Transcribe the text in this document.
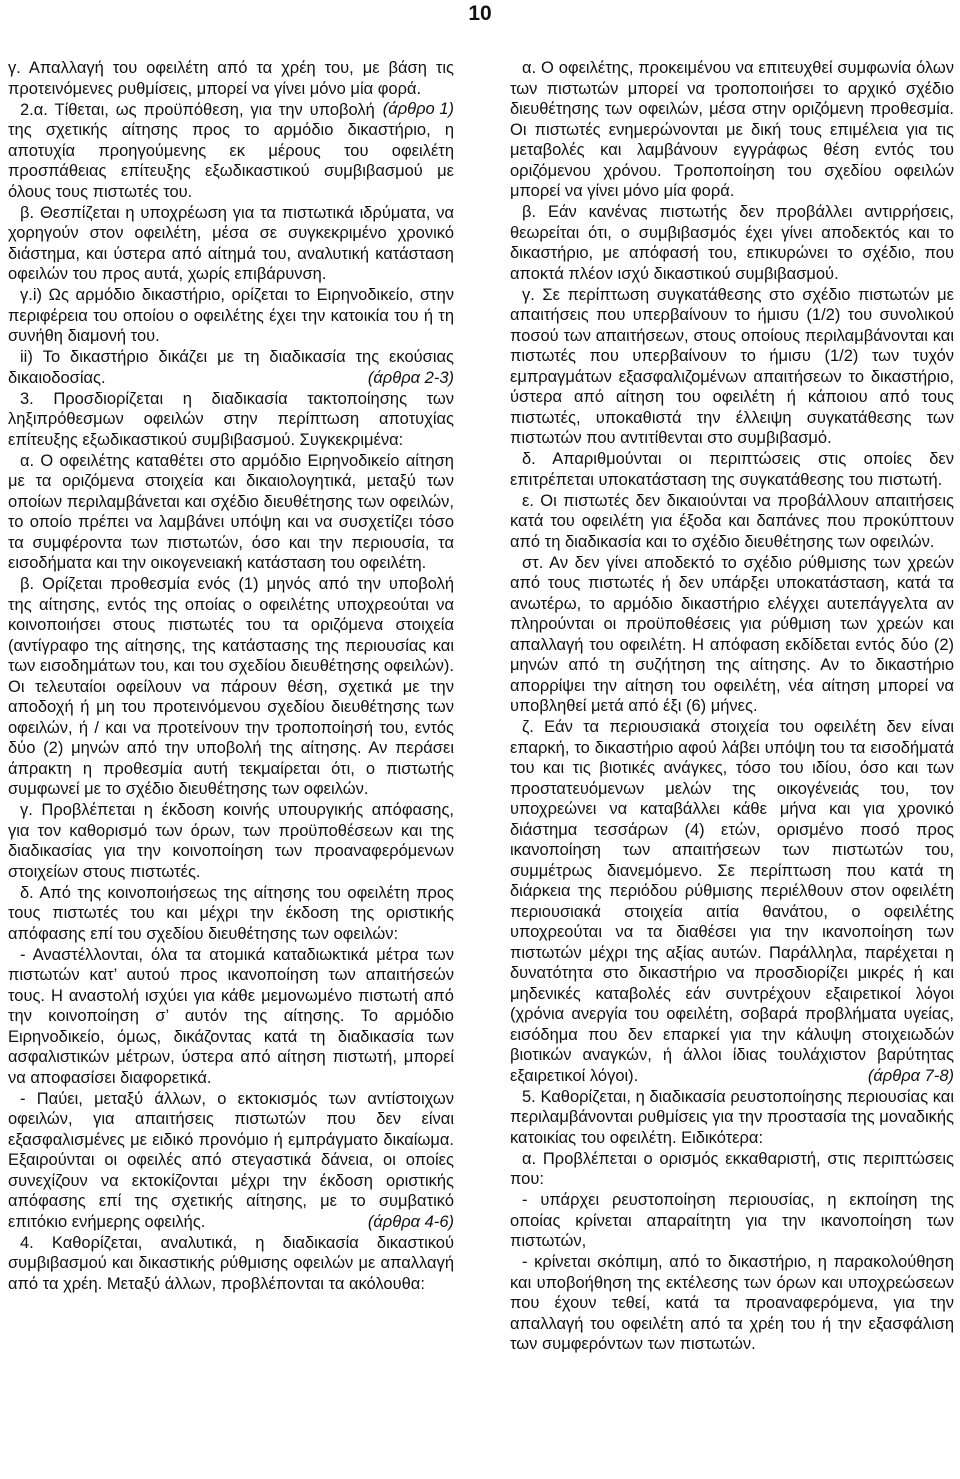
10

γ. Απαλλαγή του οφειλέτη από τα χρέη του, με βάση τις προτεινόμενες ρυθμίσεις, μπορεί να γίνει μόνο μία φορά.
(άρθρο 1)

2.α. Τίθεται, ως προϋπόθεση, για την υποβολή της σχετικής αίτησης προς το αρμόδιο δικαστήριο, η αποτυχία προηγούμενης εκ μέρους του οφειλέτη προσπάθειας επίτευξης εξωδικαστικού συμβιβασμού με όλους τους πιστωτές του.

β. Θεσπίζεται η υποχρέωση για τα πιστωτικά ιδρύματα, να χορηγούν στον οφειλέτη, μέσα σε συγκεκριμένο χρονικό διάστημα, και ύστερα από αίτημά του, αναλυτική κατάσταση οφειλών του προς αυτά, χωρίς επιβάρυνση.

γ.i) Ως αρμόδιο δικαστήριο, ορίζεται το Ειρηνοδικείο, στην περιφέρεια του οποίου ο οφειλέτης έχει την κατοικία του ή τη συνήθη διαμονή του.

ii) Το δικαστήριο δικάζει με τη διαδικασία της εκούσιας δικαιοδοσίας.	(άρθρα 2-3)

3. Προσδιορίζεται η διαδικασία τακτοποίησης των ληξιπρόθεσμων οφειλών στην περίπτωση αποτυχίας επίτευξης εξωδικαστικού συμβιβασμού. Συγκεκριμένα:

α. Ο οφειλέτης καταθέτει στο αρμόδιο Ειρηνοδικείο αίτηση με τα οριζόμενα στοιχεία και δικαιολογητικά, μεταξύ των οποίων περιλαμβάνεται και σχέδιο διευθέτησης των οφειλών, το οποίο πρέπει να λαμβάνει υπόψη και να συσχετίζει τόσο τα συμφέροντα των πιστωτών, όσο και την περιουσία, τα εισοδήματα και την οικογενειακή κατάσταση του οφειλέτη.

β. Ορίζεται προθεσμία ενός (1) μηνός από την υποβολή της αίτησης, εντός της οποίας ο οφειλέτης υποχρεούται να κοινοποιήσει στους πιστωτές του τα οριζόμενα στοιχεία (αντίγραφο της αίτησης, της κατάστασης της περιουσίας και των εισοδημάτων του, και του σχεδίου διευθέτησης οφειλών). Οι τελευταίοι οφείλουν να πάρουν θέση, σχετικά με την αποδοχή ή μη του προτεινόμενου σχεδίου διευθέτησης των οφειλών, ή / και να προτείνουν την τροποποίησή του, εντός δύο (2) μηνών από την υποβολή της αίτησης. Αν περάσει άπρακτη η προθεσμία αυτή τεκμαίρεται ότι, ο πιστωτής συμφωνεί με το σχέδιο διευθέτησης των οφειλών.

γ. Προβλέπεται η έκδοση κοινής υπουργικής απόφασης, για τον καθορισμό των όρων, των προϋποθέσεων και της διαδικασίας για την κοινοποίηση των προαναφερόμενων στοιχείων στους πιστωτές.

δ. Από της κοινοποιήσεως της αίτησης του οφειλέτη προς τους πιστωτές του και μέχρι την έκδοση της οριστικής απόφασης επί του σχεδίου διευθέτησης των οφειλών:

- Αναστέλλονται, όλα τα ατομικά καταδιωκτικά μέτρα των πιστωτών κατ’ αυτού προς ικανοποίηση των απαιτήσεών τους. Η αναστολή ισχύει για κάθε μεμονωμένο πιστωτή από την κοινοποίηση σ’ αυτόν της αίτησης. Το αρμόδιο Ειρηνοδικείο, όμως, δικάζοντας κατά τη διαδικασία των ασφαλιστικών μέτρων, ύστερα από αίτηση πιστωτή, μπορεί να αποφασίσει διαφορετικά.

- Παύει, μεταξύ άλλων, ο εκτοκισμός των αντίστοιχων οφειλών, για απαιτήσεις πιστωτών που δεν είναι εξασφαλισμένες με ειδικό προνόμιο ή εμπράγματο δικαίωμα. Εξαιρούνται οι οφειλές από στεγαστικά δάνεια, οι οποίες συνεχίζουν να εκτοκίζονται μέχρι την έκδοση οριστικής απόφασης επί της σχετικής αίτησης, με το συμβατικό επιτόκιο ενήμερης οφειλής.	(άρθρα 4-6)

4. Καθορίζεται, αναλυτικά, η διαδικασία δικαστικού συμβιβασμού και δικαστικής ρύθμισης οφειλών με απαλλαγή από τα χρέη. Μεταξύ άλλων, προβλέπονται τα ακόλουθα:

α. Ο οφειλέτης, προκειμένου να επιτευχθεί συμφωνία όλων των πιστωτών μπορεί να τροποποιήσει το αρχικό σχέδιο διευθέτησης των οφειλών, μέσα στην οριζόμενη προθεσμία. Οι πιστωτές ενημερώνονται με δική τους επιμέλεια για τις μεταβολές και λαμβάνουν εγγράφως θέση εντός του οριζόμενου χρόνου. Τροποποίηση του σχεδίου οφειλών μπορεί να γίνει μόνο μία φορά.

β. Εάν κανένας πιστωτής δεν προβάλλει αντιρρήσεις, θεωρείται ότι, ο συμβιβασμός έχει γίνει αποδεκτός και το δικαστήριο, με απόφασή του, επικυρώνει το σχέδιο, που αποκτά πλέον ισχύ δικαστικού συμβιβασμού.

γ. Σε περίπτωση συγκατάθεσης στο σχέδιο πιστωτών με απαιτήσεις που υπερβαίνουν το ήμισυ (1/2) του συνολικού ποσού των απαιτήσεων, στους οποίους περιλαμβάνονται και πιστωτές που υπερβαίνουν το ήμισυ (1/2) των τυχόν εμπραγμάτων εξασφαλιζομένων απαιτήσεων το δικαστήριο, ύστερα από αίτηση του οφειλέτη ή κάποιου από τους πιστωτές, υποκαθιστά την έλλειψη συγκατάθεσης των πιστωτών που αντιτίθενται στο συμβιβασμό.

δ. Απαριθμούνται οι περιπτώσεις στις οποίες δεν επιτρέπεται υποκατάσταση της συγκατάθεσης του πιστωτή.

ε. Οι πιστωτές δεν δικαιούνται να προβάλλουν απαιτήσεις κατά του οφειλέτη για έξοδα και δαπάνες που προκύπτουν από τη διαδικασία και το σχέδιο διευθέτησης των οφειλών.

στ. Αν δεν γίνει αποδεκτό το σχέδιο ρύθμισης των χρεών από τους πιστωτές ή δεν υπάρξει υποκατάσταση, κατά τα ανωτέρω, το αρμόδιο δικαστήριο ελέγχει αυτεπάγγελτα αν πληρούνται οι προϋποθέσεις για ρύθμιση των χρεών και απαλλαγή του οφειλέτη. Η απόφαση εκδίδεται εντός δύο (2) μηνών από τη συζήτηση της αίτησης. Αν το δικαστήριο απορρίψει την αίτηση του οφειλέτη, νέα αίτηση μπορεί να υποβληθεί μετά από έξι (6) μήνες.

ζ. Εάν τα περιουσιακά στοιχεία του οφειλέτη δεν είναι επαρκή, το δικαστήριο αφού λάβει υπόψη του τα εισοδήματά του και τις βιοτικές ανάγκες, τόσο του ιδίου, όσο και των προστατευόμενων μελών της οικογένειάς του, τον υποχρεώνει να καταβάλλει κάθε μήνα και για χρονικό διάστημα τεσσάρων (4) ετών, ορισμένο ποσό προς ικανοποίηση των απαιτήσεων των πιστωτών του, συμμέτρως διανεμόμενο. Σε περίπτωση που κατά τη διάρκεια της περιόδου ρύθμισης περιέλθουν στον οφειλέτη περιουσιακά στοιχεία αιτία θανάτου, ο οφειλέτης υποχρεούται να τα διαθέσει για την ικανοποίηση των πιστωτών μέχρι της αξίας αυτών. Παράλληλα, παρέχεται η δυνατότητα στο δικαστήριο να προσδιορίζει μικρές ή και μηδενικές καταβολές εάν συντρέχουν εξαιρετικοί λόγοι (χρόνια ανεργία του οφειλέτη, σοβαρά προβλήματα υγείας, εισόδημα που δεν επαρκεί για την κάλυψη στοιχειωδών βιοτικών αναγκών, ή άλλοι ίδιας τουλάχιστον βαρύτητας εξαιρετικοί λόγοι).	(άρθρα 7-8)

5. Καθορίζεται, η διαδικασία ρευστοποίησης περιουσίας και περιλαμβάνονται ρυθμίσεις για την προστασία της μοναδικής κατοικίας του οφειλέτη. Ειδικότερα:

α. Προβλέπεται ο ορισμός εκκαθαριστή, στις περιπτώσεις που:

- υπάρχει ρευστοποίηση περιουσίας, η εκποίηση της οποίας κρίνεται απαραίτητη για την ικανοποίηση των πιστωτών,

- κρίνεται σκόπιμη, από το δικαστήριο, η παρακολούθηση και υποβοήθηση της εκτέλεσης των όρων και υποχρεώσεων που έχουν τεθεί, κατά τα προαναφερόμενα, για την απαλλαγή του οφειλέτη από τα χρέη του ή την εξασφάλιση των συμφερόντων των πιστωτών.
